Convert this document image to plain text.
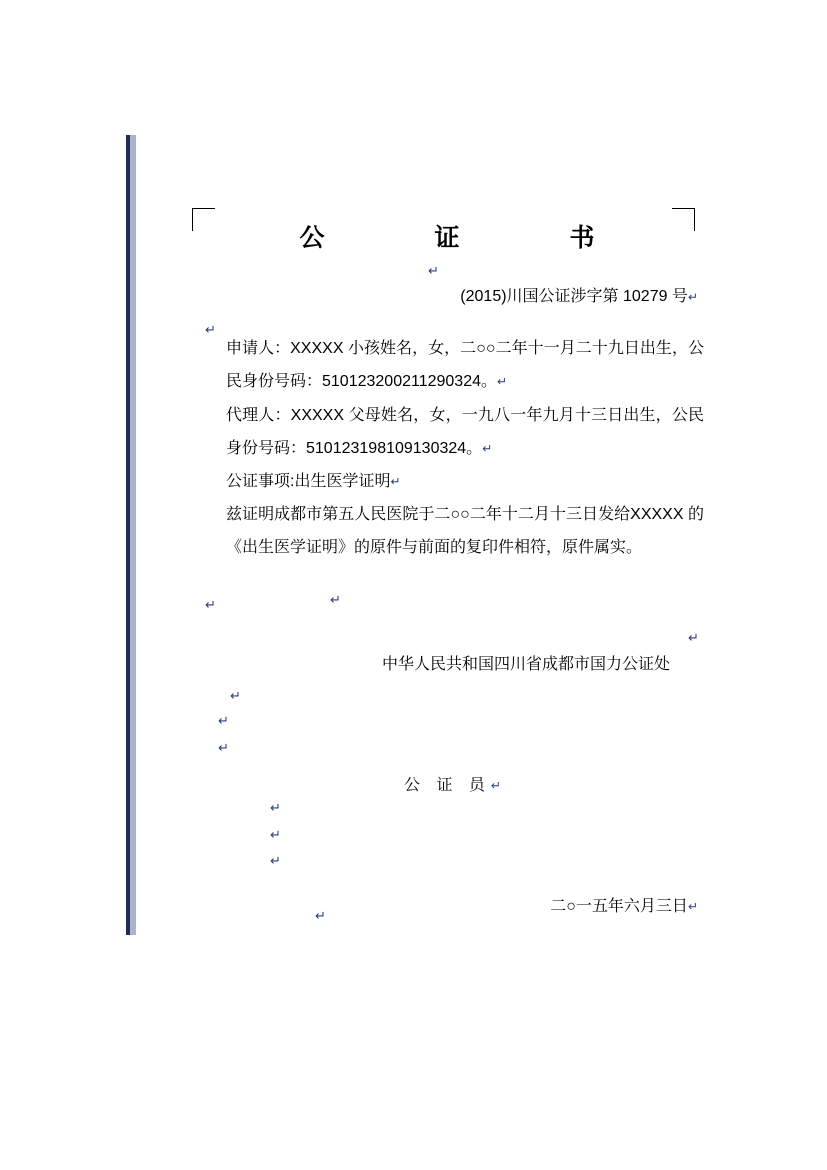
↵
↵
↵	↵
↵
↵
↵
↵
↵
↵
↵
↵
公　　证　　书

(2015)川国公证涉字第 10279 号↵

申请人：XXXXX 小孩姓名，女，二○○二年十一月二十九日出生，公民身份号码：510123200211290324。↵

代理人：XXXXX 父母姓名，女，一九八一年九月十三日出生，公民身份号码：510123198109130324。↵

公证事项:出生医学证明↵

兹证明成都市第五人民医院于二○○二年十二月十三日发给XXXXX 的《出生医学证明》的原件与前面的复印件相符，原件属实。

中华人民共和国四川省成都市国力公证处

公 证 员↵

二○一五年六月三日↵
